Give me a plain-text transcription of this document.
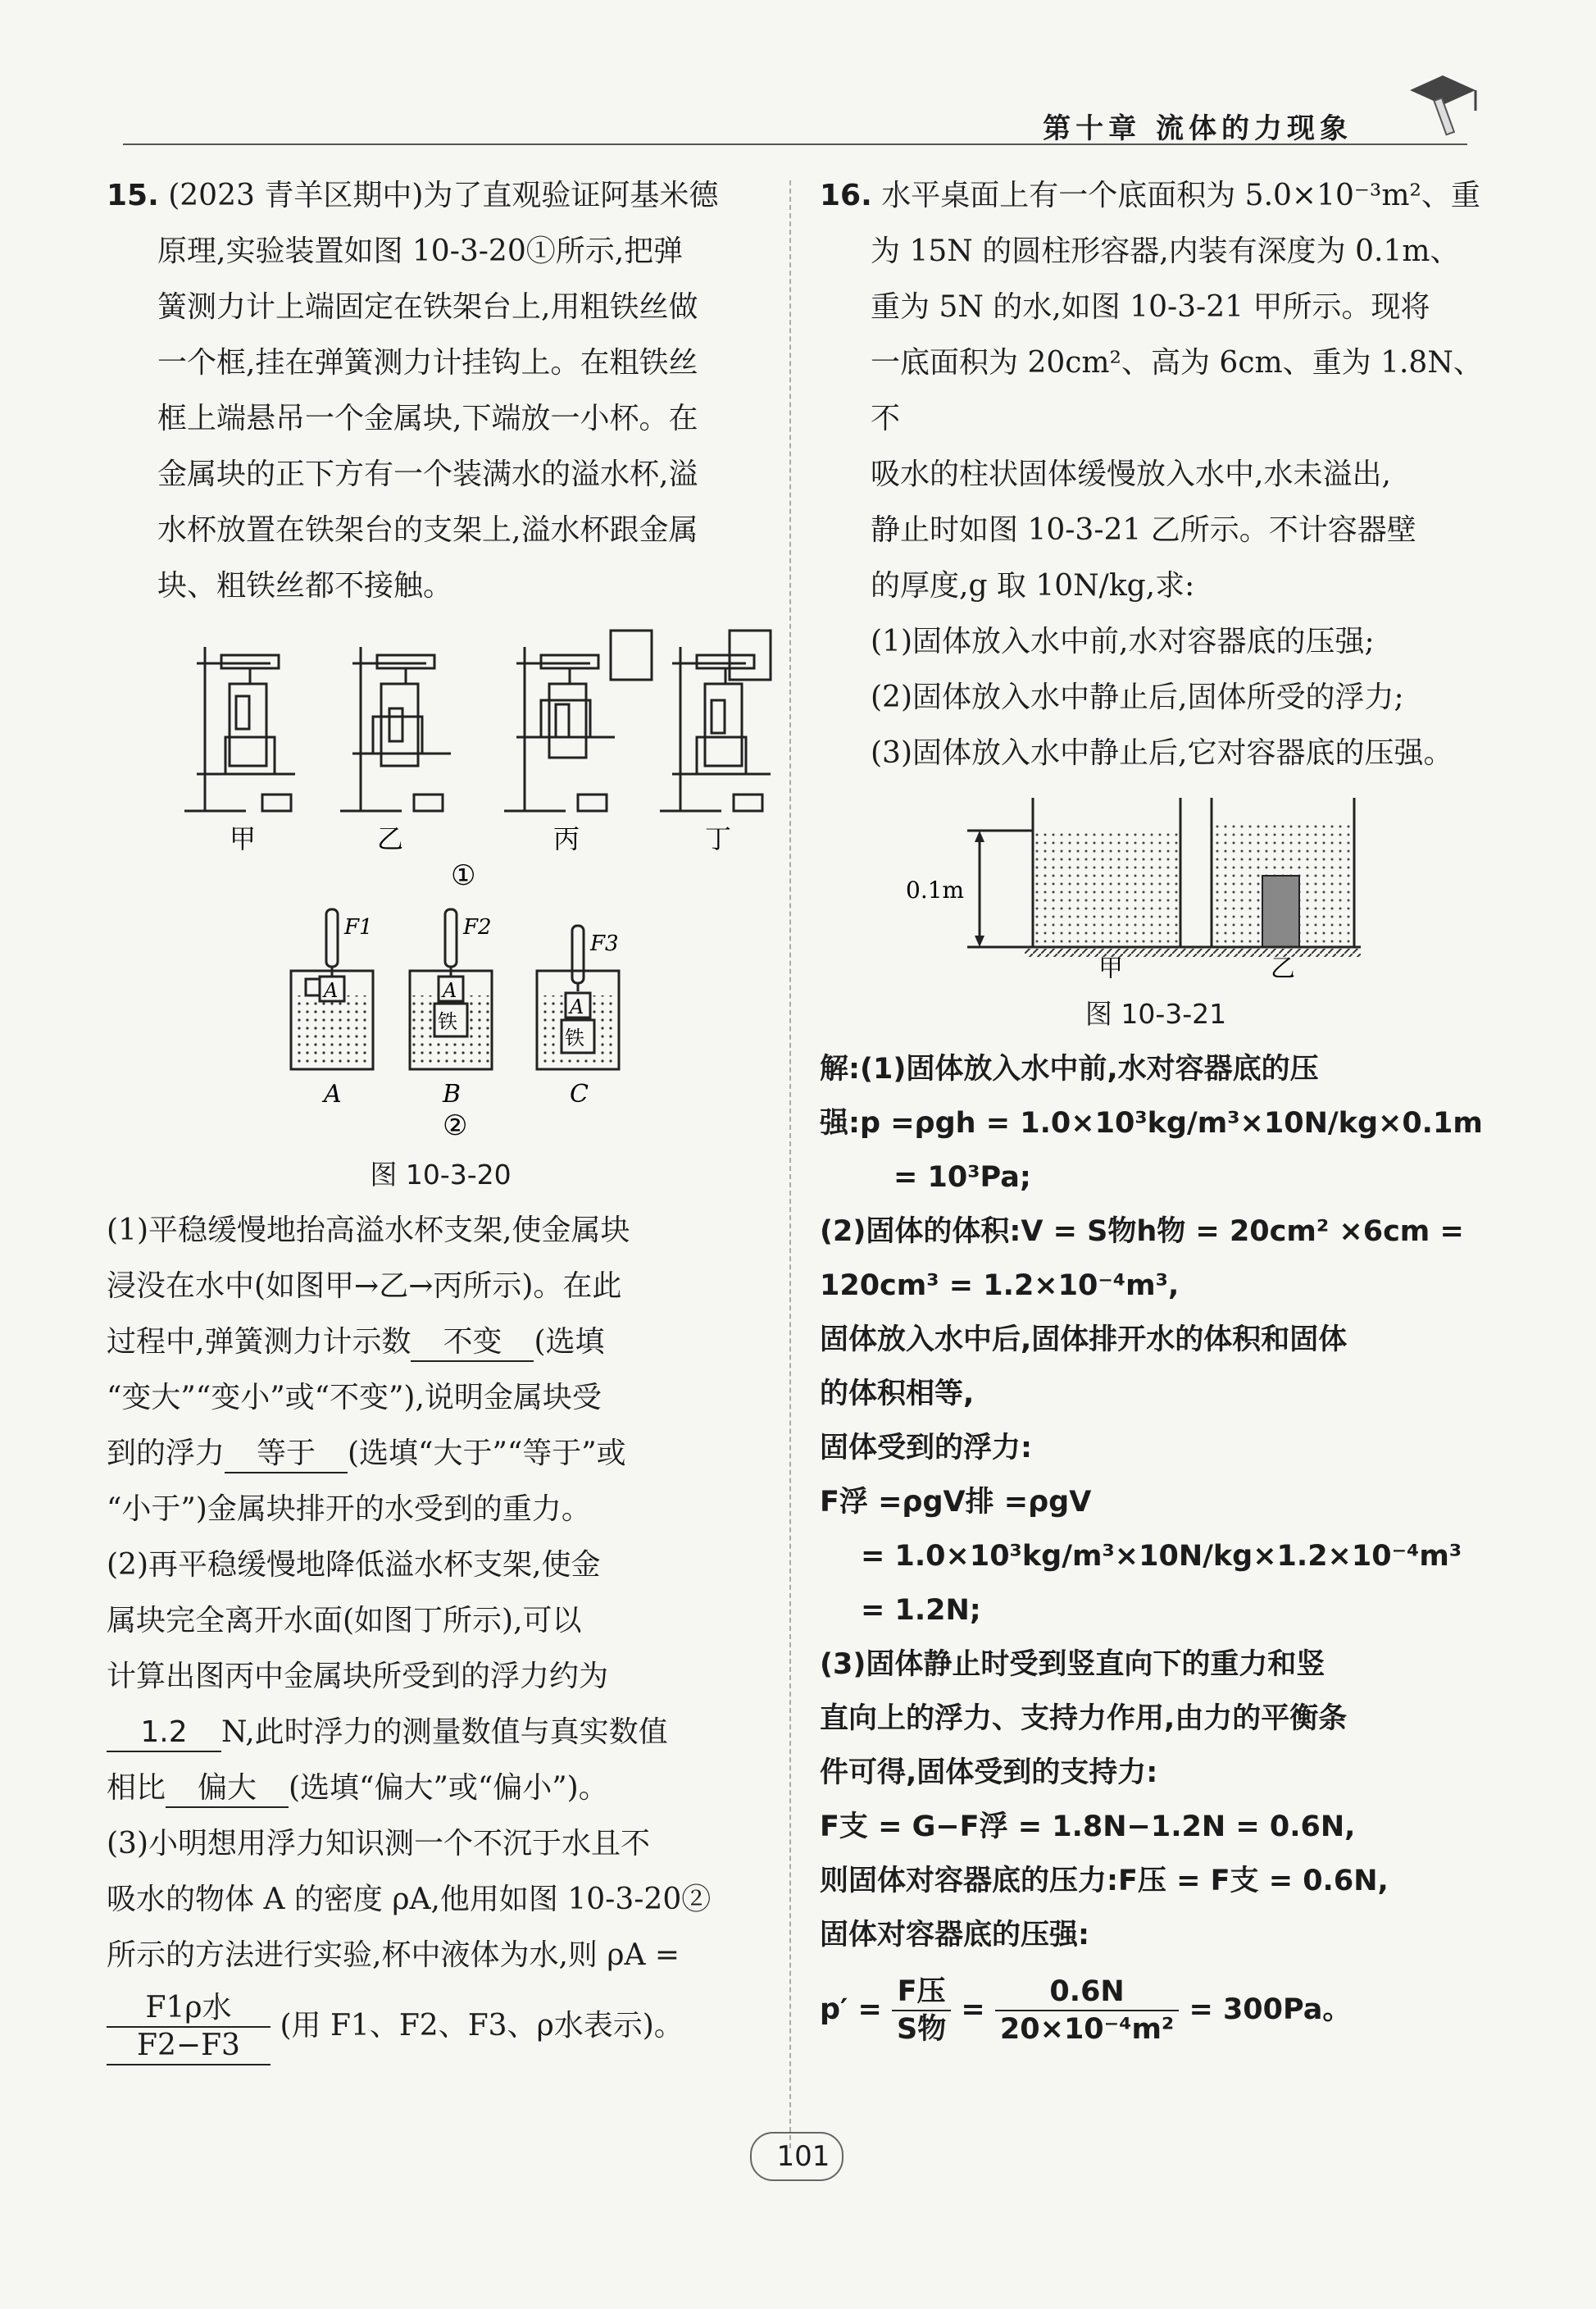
第十章 流体的力现象

15. (2023 青羊区期中)为了直观验证阿基米德

原理,实验装置如图 10-3-20①所示,把弹

簧测力计上端固定在铁架台上,用粗铁丝做

一个框,挂在弹簧测力计挂钩上。在粗铁丝

框上端悬吊一个金属块,下端放一小杯。在

金属块的正下方有一个装满水的溢水杯,溢

水杯放置在铁架台的支架上,溢水杯跟金属

块、粗铁丝都不接触。

甲	乙	丙	丁
①
A	A
铁
A
铁
F1	F2
F3
A	B	C
②

图 10-3-20

(1)平稳缓慢地抬高溢水杯支架,使金属块

浸没在水中(如图甲→乙→丙所示)。在此

过程中,弹簧测力计示数 不变 (选填

“变大”“变小”或“不变”),说明金属块受

到的浮力 等于 (选填“大于”“等于”或

“小于”)金属块排开的水受到的重力。

(2)再平稳缓慢地降低溢水杯支架,使金

属块完全离开水面(如图丁所示),可以

计算出图丙中金属块所受到的浮力约为

1.2 N,此时浮力的测量数值与真实数值

相比 偏大 (选填“偏大”或“偏小”)。

(3)小明想用浮力知识测一个不沉于水且不

吸水的物体 A 的密度 ρA,他用如图 10-3-20②

所示的方法进行实验,杯中液体为水,则 ρA =

$\frac{\text{F1ρ水}}{F2-F3}$ (用 F1、F2、F3、ρ水表示)。

16. 水平桌面上有一个底面积为 5.0×10⁻³m²、重

为 15N 的圆柱形容器,内装有深度为 0.1m、

重为 5N 的水,如图 10-3-21 甲所示。现将

一底面积为 20cm²、高为 6cm、重为 1.8N、不

吸水的柱状固体缓慢放入水中,水未溢出,

静止时如图 10-3-21 乙所示。不计容器壁

的厚度,g 取 10N/kg,求:

(1)固体放入水中前,水对容器底的压强;

(2)固体放入水中静止后,固体所受的浮力;

(3)固体放入水中静止后,它对容器底的压强。

0.1m
甲	乙

图 10-3-21

解:(1)固体放入水中前,水对容器底的压

强:p =ρgh = 1.0×10³kg/m³×10N/kg×0.1m

= 10³Pa;

(2)固体的体积:V = S物h物 = 20cm² ×6cm =

120cm³ = 1.2×10⁻⁴m³,

固体放入水中后,固体排开水的体积和固体

的体积相等,

固体受到的浮力:

F浮 =ρgV排 =ρgV

= 1.0×10³kg/m³×10N/kg×1.2×10⁻⁴m³

= 1.2N;

(3)固体静止时受到竖直向下的重力和竖

直向上的浮力、支持力作用,由力的平衡条

件可得,固体受到的支持力:

F支 = G−F浮 = 1.8N−1.2N = 0.6N,

则固体对容器底的压力:F压 = F支 = 0.6N,

固体对容器底的压强:

$p' = \frac{\text{F压}}{\text{S物}} = \frac{0.6N}{\text{20×10⁻⁴m²}} = 300Pa$。

101
